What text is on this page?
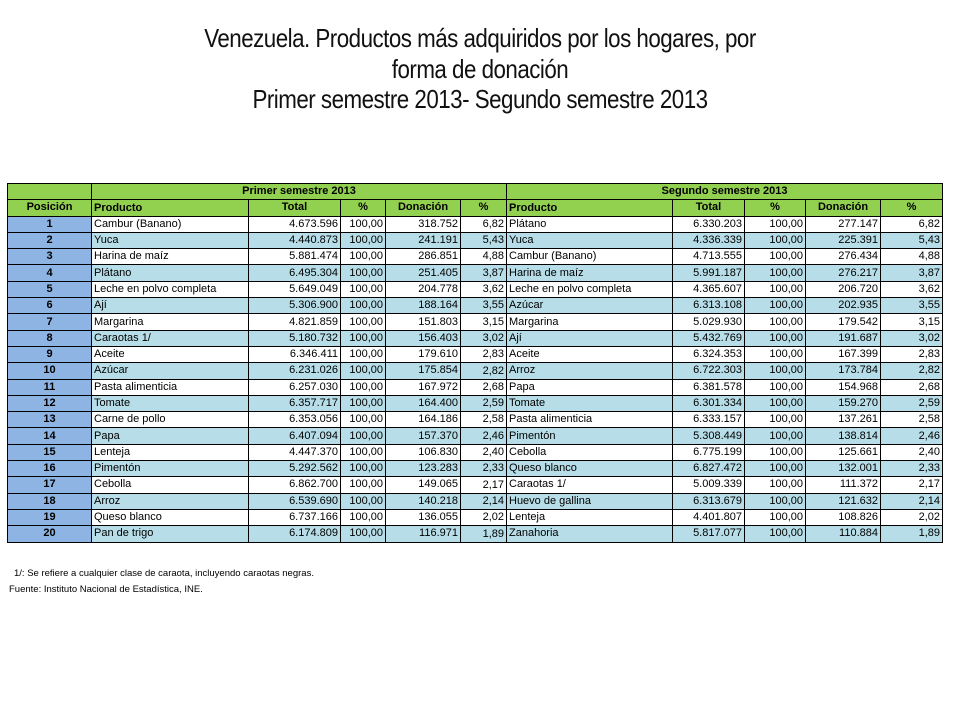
Venezuela. Productos más adquiridos por los hogares, por
forma de donación
Primer semestre 2013- Segundo semestre 2013
	Primer semestre 2013					Segundo semestre 2013				
Posición	Producto	Total	%	Donación	%	Producto	Total	%	Donación	%
1	Cambur (Banano)	4.673.596	100,00	318.752	6,82	Plátano	6.330.203	100,00	277.147	6,82
2	Yuca	4.440.873	100,00	241.191	5,43	Yuca	4.336.339	100,00	225.391	5,43
3	Harina de maíz	5.881.474	100,00	286.851	4,88	Cambur (Banano)	4.713.555	100,00	276.434	4,88
4	Plátano	6.495.304	100,00	251.405	3,87	Harina de maíz	5.991.187	100,00	276.217	3,87
5	Leche en polvo completa	5.649.049	100,00	204.778	3,62	Leche en polvo completa	4.365.607	100,00	206.720	3,62
6	Ají	5.306.900	100,00	188.164	3,55	Azúcar	6.313.108	100,00	202.935	3,55
7	Margarina	4.821.859	100,00	151.803	3,15	Margarina	5.029.930	100,00	179.542	3,15
8	Caraotas 1/	5.180.732	100,00	156.403	3,02	Ají	5.432.769	100,00	191.687	3,02
9	Aceite	6.346.411	100,00	179.610	2,83	Aceite	6.324.353	100,00	167.399	2,83
10	Azúcar	6.231.026	100,00	175.854	2,82	Arroz	6.722.303	100,00	173.784	2,82
11	Pasta alimenticia	6.257.030	100,00	167.972	2,68	Papa	6.381.578	100,00	154.968	2,68
12	Tomate	6.357.717	100,00	164.400	2,59	Tomate	6.301.334	100,00	159.270	2,59
13	Carne de pollo	6.353.056	100,00	164.186	2,58	Pasta alimenticia	6.333.157	100,00	137.261	2,58
14	Papa	6.407.094	100,00	157.370	2,46	Pimentón	5.308.449	100,00	138.814	2,46
15	Lenteja	4.447.370	100,00	106.830	2,40	Cebolla	6.775.199	100,00	125.661	2,40
16	Pimentón	5.292.562	100,00	123.283	2,33	Queso blanco	6.827.472	100,00	132.001	2,33
17	Cebolla	6.862.700	100,00	149.065	2,17	Caraotas 1/	5.009.339	100,00	111.372	2,17
18	Arroz	6.539.690	100,00	140.218	2,14	Huevo de gallina	6.313.679	100,00	121.632	2,14
19	Queso blanco	6.737.166	100,00	136.055	2,02	Lenteja	4.401.807	100,00	108.826	2,02
20	Pan de trigo	6.174.809	100,00	116.971	1,89	Zanahoria	5.817.077	100,00	110.884	1,89
1/: Se refiere a cualquier clase de caraota, incluyendo caraotas negras.
Fuente: Instituto Nacional de Estadística, INE.
